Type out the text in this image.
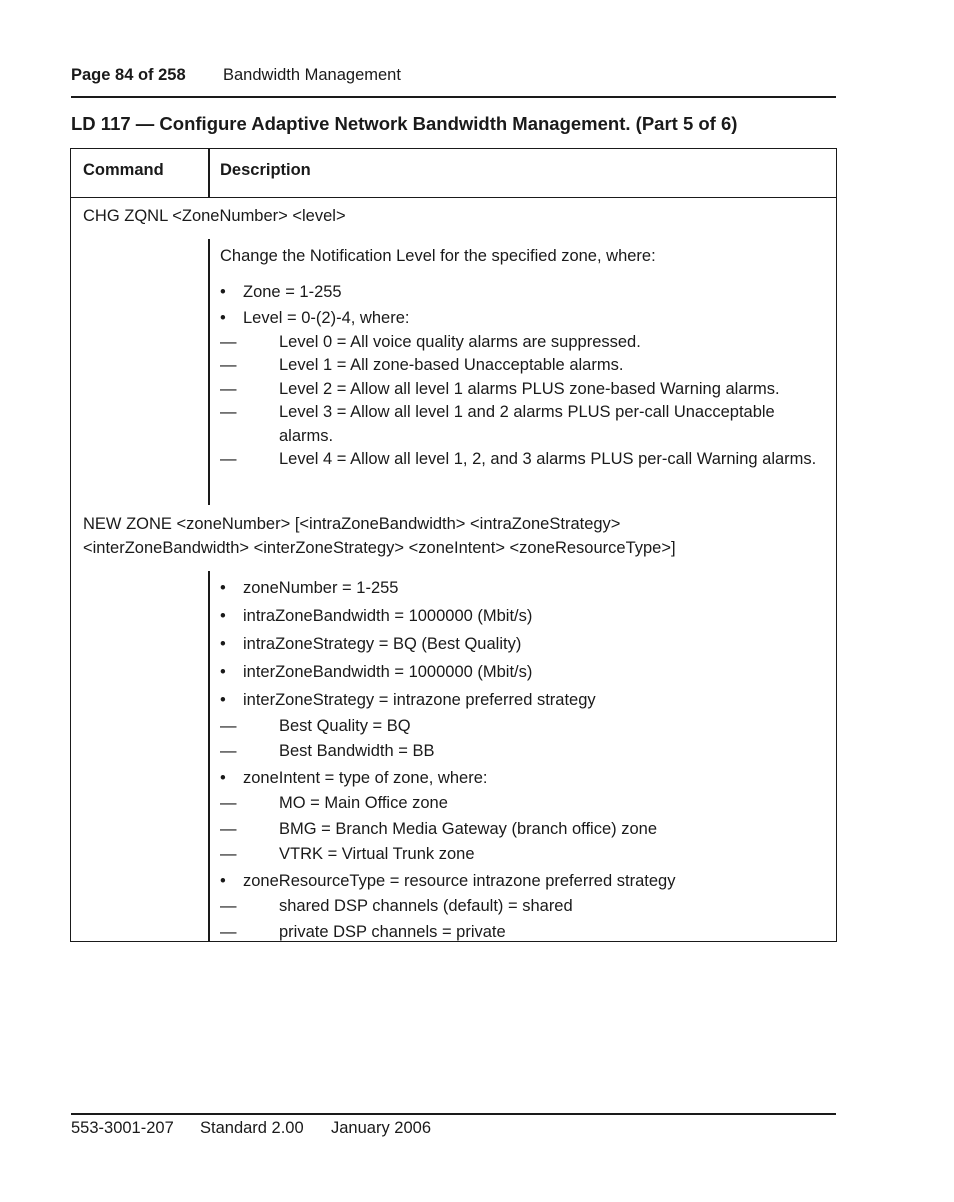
Page 84 of 258 Bandwidth Management
LD 117 — Configure Adaptive Network Bandwidth Management. (Part 5 of 6)
Command	Description
CHG ZQNL <ZoneNumber> <level>
Change the Notification Level for the specified zone, where:
• Zone = 1-255
• Level = 0-(2)-4, where:
—	Level 0 = All voice quality alarms are suppressed.
—	Level 1 = All zone-based Unacceptable alarms.
—	Level 2 = Allow all level 1 alarms PLUS zone-based Warning alarms.
—	Level 3 = Allow all level 1 and 2 alarms PLUS per-call Unacceptable alarms.
—	Level 4 = Allow all level 1, 2, and 3 alarms PLUS per-call Warning alarms.
NEW ZONE <zoneNumber> [<intraZoneBandwidth> <intraZoneStrategy>
<interZoneBandwidth> <interZoneStrategy> <zoneIntent> <zoneResourceType>]
• zoneNumber = 1-255
• intraZoneBandwidth = 1000000 (Mbit/s)
• intraZoneStrategy = BQ (Best Quality)
• interZoneBandwidth = 1000000 (Mbit/s)
• interZoneStrategy = intrazone preferred strategy
—	Best Quality = BQ
—	Best Bandwidth = BB
• zoneIntent = type of zone, where:
—	MO = Main Office zone
—	BMG = Branch Media Gateway (branch office) zone
—	VTRK = Virtual Trunk zone
• zoneResourceType = resource intrazone preferred strategy
—	shared DSP channels (default) = shared
—	private DSP channels = private
553-3001-207 Standard 2.00 January 2006
